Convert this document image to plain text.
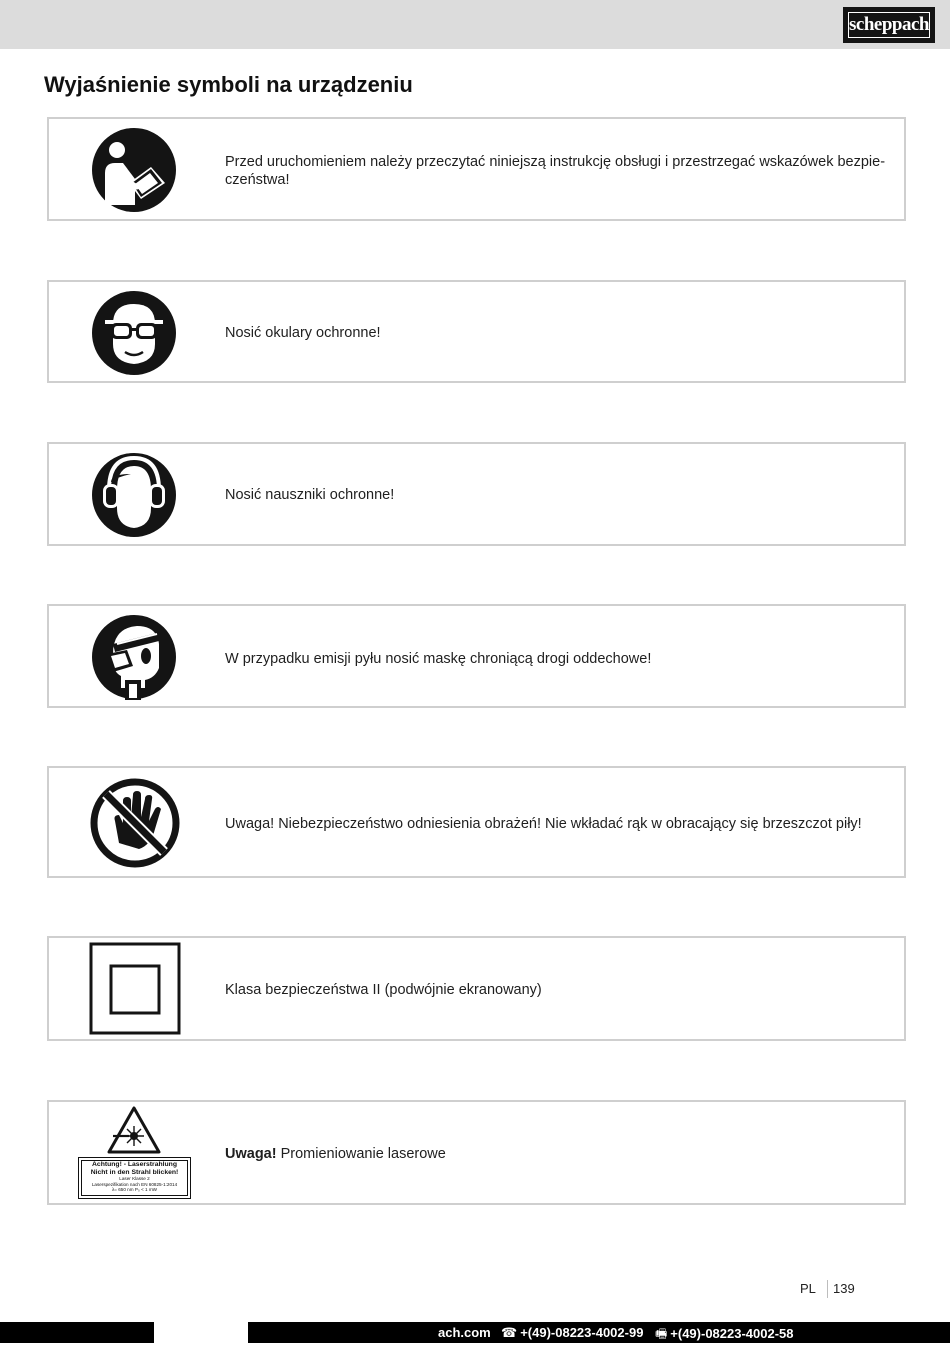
scheppach
Wyjaśnienie symboli na urządzeniu
Przed uruchomieniem należy przeczytać niniejszą instrukcję obsługi i przestrzegać wskazówek bezpie-
czeństwa!
Nosić okulary ochronne!
Nosić nauszniki ochronne!
W przypadku emisji pyłu nosić maskę chroniącą drogi oddechowe!
Uwaga! Niebezpieczeństwo odniesienia obrażeń! Nie wkładać rąk w obracający się brzeszczot piły!
Klasa bezpieczeństwa II (podwójnie ekranowany)
Achtung! - Laserstrahlung
Nicht in den Strahl blicken!
Laser Klasse 2
Laserspezifikation nach EN 60825-1:2014
λ= 650 nm P₀ < 1 mW
Uwaga! Promieniowanie laserowe
PL 139
ach.com ☎ +(49)-08223-4002-99 🖷 +(49)-08223-4002-58
